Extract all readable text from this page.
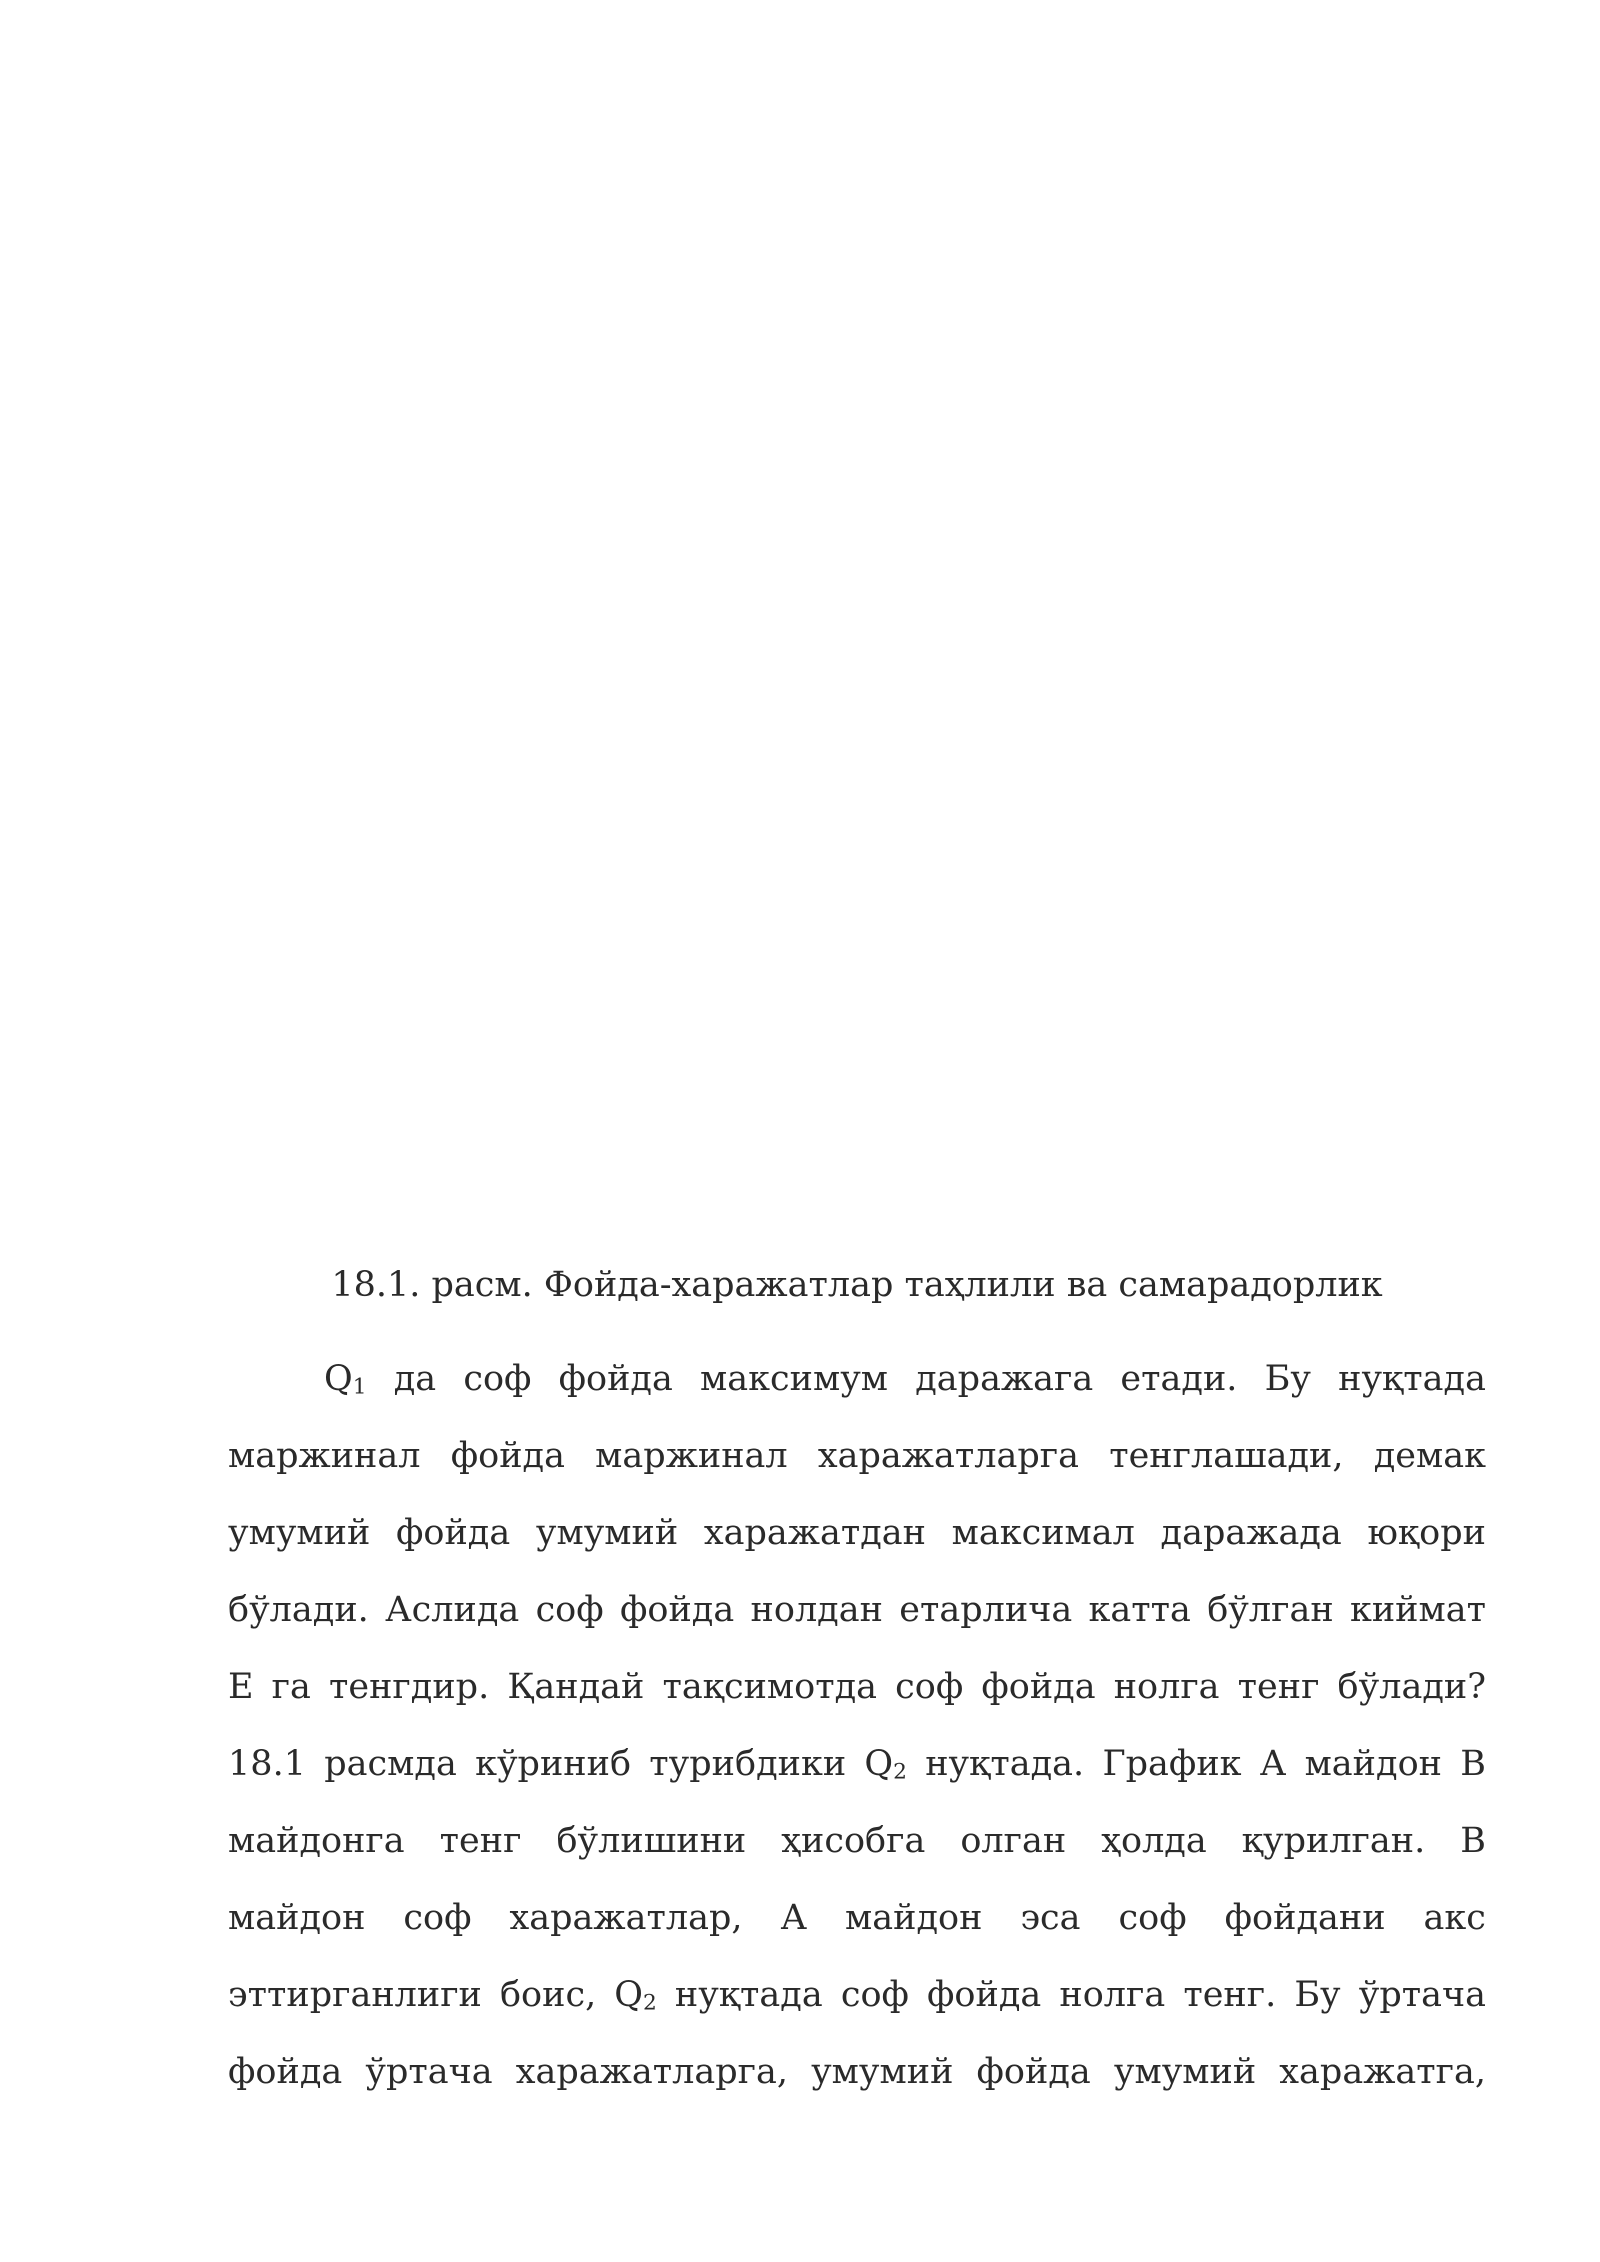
18.1. расм. Фойда-харажатлар таҳлили ва самарадорлик
$Q_1$ да соф фойда максимум даражага етади. Бу нуқтада
маржинал фойда маржинал харажатларга тенглашади, демак
умумий фойда умумий харажатдан максимал даражада юқори
бўлади. Аслида соф фойда нолдан етарлича катта бўлган киймат
Е га тенгдир. Қандай тақсимотда соф фойда нолга тенг бўлади?
18.1 расмда кўриниб турибдики $Q_2$ нуқтада. График А майдон В
майдонга тенг бўлишини ҳисобга олган ҳолда қурилган. В
майдон соф харажатлар, А майдон эса соф фойдани акс
эттирганлиги боис, $Q_2$ нуқтада соф фойда нолга тенг. Бу ўртача
фойда ўртача харажатларга, умумий фойда умумий харажатга,
